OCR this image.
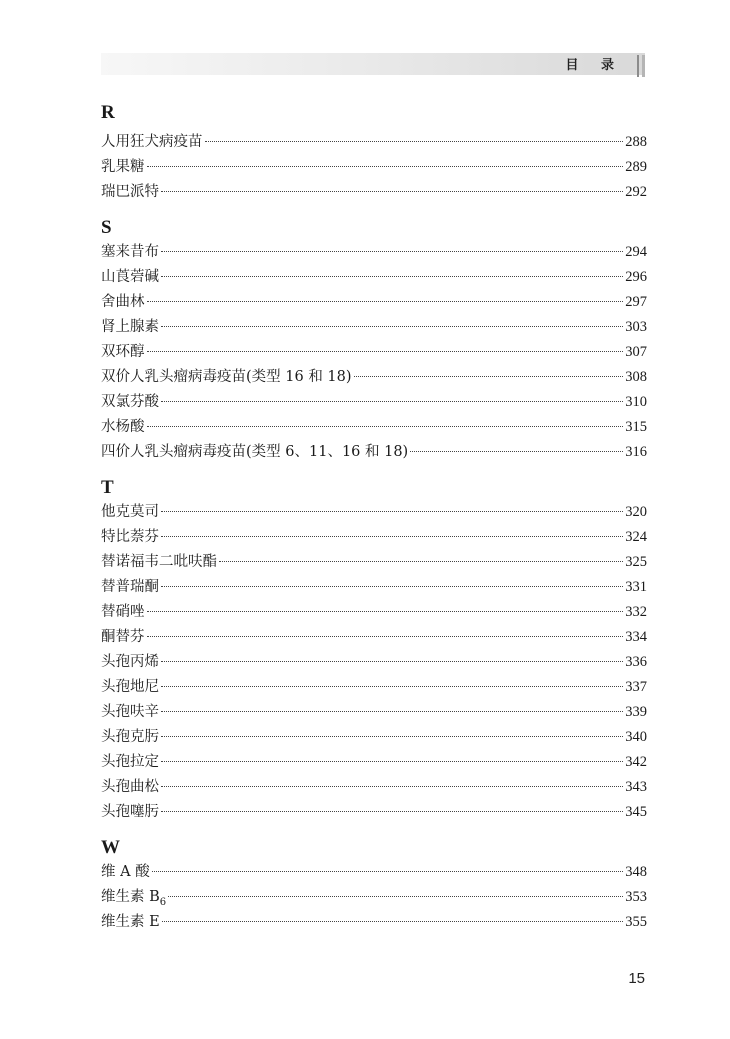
目 录
R
人用狂犬病疫苗	288
乳果糖	289
瑞巴派特	292
S
塞来昔布	294
山莨菪碱	296
舍曲林	297
肾上腺素	303
双环醇	307
双价人乳头瘤病毒疫苗(类型 16 和 18)	308
双氯芬酸	310
水杨酸	315
四价人乳头瘤病毒疫苗(类型 6、11、16 和 18)	316
T
他克莫司	320
特比萘芬	324
替诺福韦二吡呋酯	325
替普瑞酮	331
替硝唑	332
酮替芬	334
头孢丙烯	336
头孢地尼	337
头孢呋辛	339
头孢克肟	340
头孢拉定	342
头孢曲松	343
头孢噻肟	345
W
维 A 酸	348
维生素 $B_6$	353
维生素 E	355
15
